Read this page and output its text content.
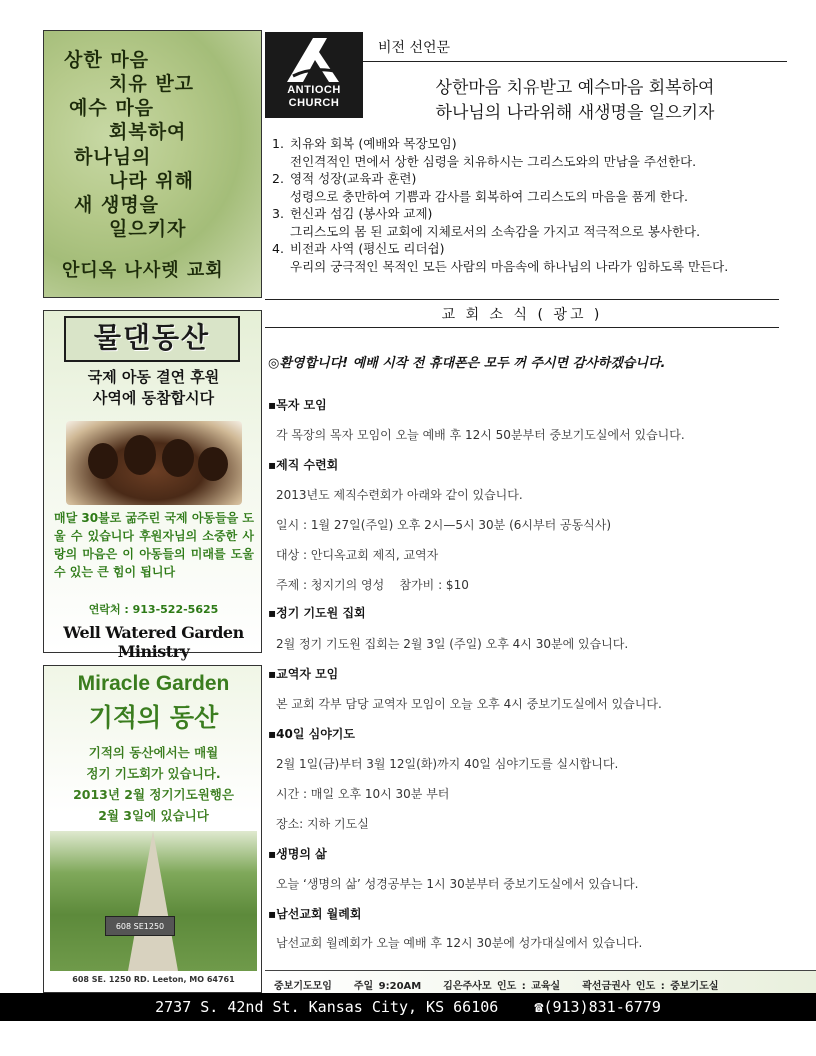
상한 마음
치유 받고
예수 마음
회복하여
하나님의
나라 위해
새 생명을
일으키자
안디옥 나사렛 교회
물댄동산
국제 아동 결연 후원
사역에 동참합시다
매달 30불로 굶주린 국제 아동들을 도울 수 있습니다 후원자님의 소중한 사랑의 마음은 이 아동들의 미래를 도울 수 있는 큰 힘이 됩니다
연락처 : 913-522-5625
Well Watered Garden Ministry
Miracle Garden
기적의 동산
기적의 동산에서는 매월
정기 기도회가 있습니다.
2013년 2월 정기기도원행은
2월 3일에 있습니다
608 SE1250
608 SE. 1250 RD. Leeton, MO 64761
ANTIOCH
CHURCH
비전 선언문
상한마음 치유받고 예수마음 회복하여
하나님의 나라위해 새생명을 일으키자
1. 치유와 회복 (예배와 목장모임)
전인격적인 면에서 상한 심령을 치유하시는 그리스도와의 만남을 주선한다.
2. 영적 성장(교육과 훈련)
성령으로 충만하여 기쁨과 감사를 회복하여 그리스도의 마음을 품게 한다.
3. 헌신과 섬김 (봉사와 교제)
그리스도의 몸 된 교회에 지체로서의 소속감을 가지고 적극적으로 봉사한다.
4. 비전과 사역 (평신도 리더쉽)
우리의 궁극적인 목적인 모든 사람의 마음속에 하나님의 나라가 임하도록 만든다.
교 회 소 식 ( 광고 )
◎환영합니다! 예배 시작 전 휴대폰은 모두 꺼 주시면 감사하겠습니다.
▪목자 모임
각 목장의 목자 모임이 오늘 예배 후 12시 50분부터 중보기도실에서 있습니다.
▪제직 수련회
2013년도 제직수련회가 아래와 같이 있습니다.
일시 : 1월 27일(주일) 오후 2시—5시 30분 (6시부터 공동식사)
대상 : 안디옥교회 제직, 교역자
주제 : 청지기의 영성    참가비 : $10
▪정기 기도원 집회
2월 정기 기도원 집회는 2월 3일 (주일) 오후 4시 30분에 있습니다.
▪교역자 모임
본 교회 각부 담당 교역자 모임이 오늘 오후 4시 중보기도실에서 있습니다.
▪40일 심야기도
2월 1일(금)부터 3월 12일(화)까지 40일 심야기도를 실시합니다.
시간 : 매일 오후 10시 30분 부터
장소: 지하 기도실
▪생명의 삶
오늘 ‘생명의 삶’ 성경공부는 1시 30분부터 중보기도실에서 있습니다.
▪남선교회 월례회
남선교회 월례회가 오늘 예배 후 12시 30분에 성가대실에서 있습니다.
중보기도모임    주일 9:20AM    김은주사모 인도 : 교육실    곽선금권사 인도 : 중보기도실
2737 S. 42nd St. Kansas City, KS 66106    ☎(913)831-6779
